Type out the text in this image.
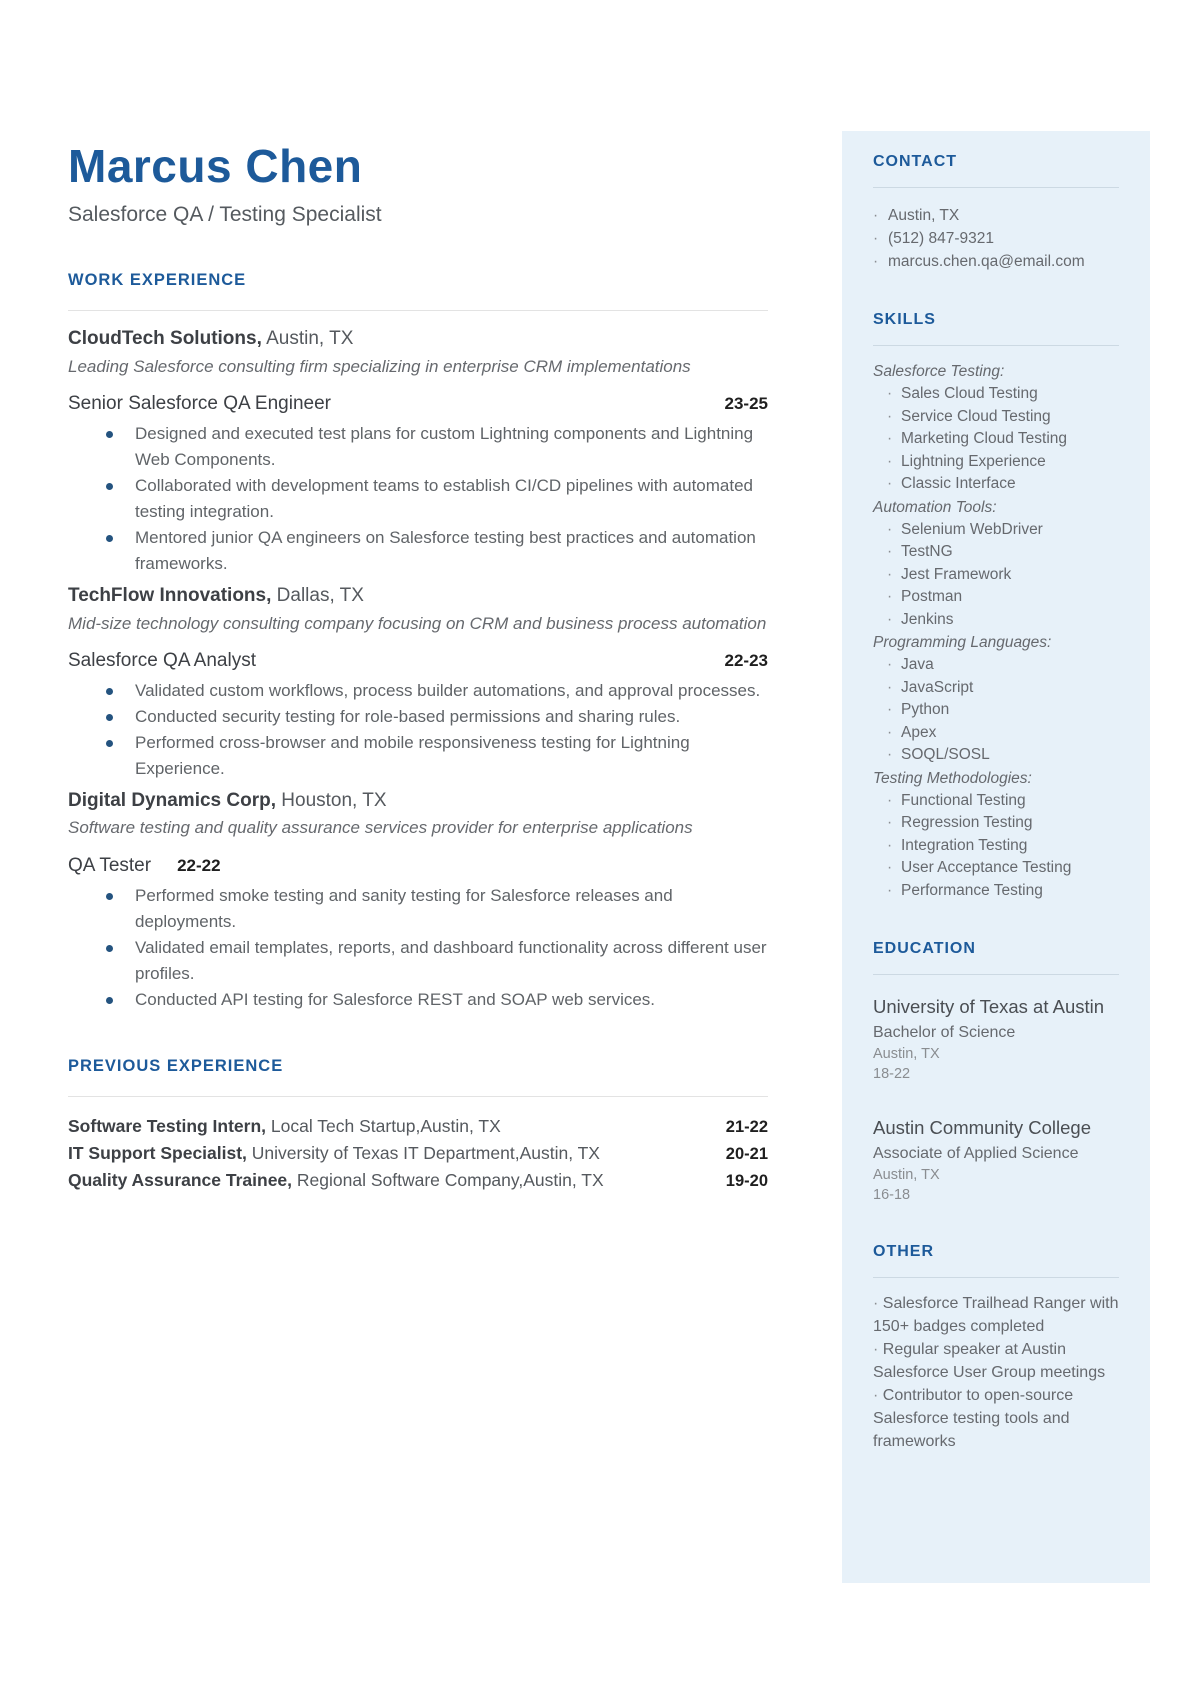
Marcus Chen
Salesforce QA / Testing Specialist
WORK EXPERIENCE
CloudTech Solutions, Austin, TX
Leading Salesforce consulting firm specializing in enterprise CRM implementations
Senior Salesforce QA Engineer	23-25
Designed and executed test plans for custom Lightning components and Lightning Web Components.
Collaborated with development teams to establish CI/CD pipelines with automated testing integration.
Mentored junior QA engineers on Salesforce testing best practices and automation frameworks.
TechFlow Innovations, Dallas, TX
Mid-size technology consulting company focusing on CRM and business process automation
Salesforce QA Analyst	22-23
Validated custom workflows, process builder automations, and approval processes.
Conducted security testing for role-based permissions and sharing rules.
Performed cross-browser and mobile responsiveness testing for Lightning Experience.
Digital Dynamics Corp, Houston, TX
Software testing and quality assurance services provider for enterprise applications
QA Tester 22-22
Performed smoke testing and sanity testing for Salesforce releases and deployments.
Validated email templates, reports, and dashboard functionality across different user profiles.
Conducted API testing for Salesforce REST and SOAP web services.
PREVIOUS EXPERIENCE
Software Testing Intern, Local Tech Startup,Austin, TX	21-22
IT Support Specialist, University of Texas IT Department,Austin, TX	20-21
Quality Assurance Trainee, Regional Software Company,Austin, TX	19-20
CONTACT
· Austin, TX
· (512) 847-9321
· marcus.chen.qa@email.com
SKILLS
Salesforce Testing:
· Sales Cloud Testing
· Service Cloud Testing
· Marketing Cloud Testing
· Lightning Experience
· Classic Interface
Automation Tools:
· Selenium WebDriver
· TestNG
· Jest Framework
· Postman
· Jenkins
Programming Languages:
· Java
· JavaScript
· Python
· Apex
· SOQL/SOSL
Testing Methodologies:
· Functional Testing
· Regression Testing
· Integration Testing
· User Acceptance Testing
· Performance Testing
EDUCATION
University of Texas at Austin
Bachelor of Science
Austin, TX
18-22
Austin Community College
Associate of Applied Science
Austin, TX
16-18
OTHER
· Salesforce Trailhead Ranger with 150+ badges completed
· Regular speaker at Austin Salesforce User Group meetings
· Contributor to open-source Salesforce testing tools and frameworks
